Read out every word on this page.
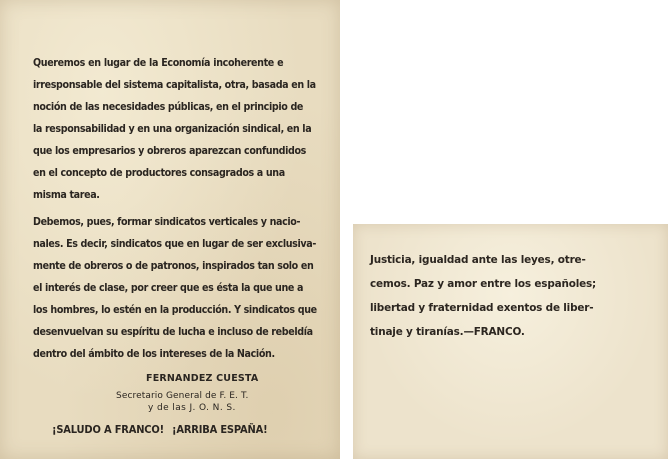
Queremos en lugar de la Economía incoherente e
irresponsable del sistema capitalista, otra, basada en la
noción de las necesidades públicas, en el principio de
la responsabilidad y en una organización sindical, en la
que los empresarios y obreros aparezcan confundidos
en el concepto de productores consagrados a una
misma tarea.
Debemos, pues, formar sindicatos verticales y nacio-
nales. Es decir, sindicatos que en lugar de ser exclusiva-
mente de obreros o de patronos, inspirados tan solo en
el interés de clase, por creer que es ésta la que une a
los hombres, lo estén en la producción. Y sindicatos que
desenvuelvan su espíritu de lucha e incluso de rebeldía
dentro del ámbito de los intereses de la Nación.
FERNANDEZ CUESTA
Secretario General de F. E. T.
y de las J. O. N. S.
¡SALUDO A FRANCO! ¡ARRIBA ESPAÑA!
Justicia, igualdad ante las leyes, otre-
cemos. Paz y amor entre los españoles;
libertad y fraternidad exentos de liber-
tinaje y tiranías.—FRANCO.
